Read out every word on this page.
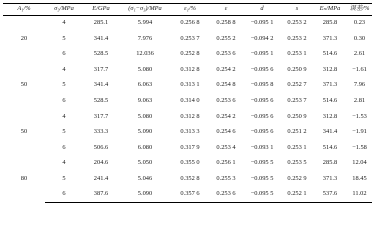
A₁/%	σ₃/MPa	E/GPa	(σ₁−σ₃)/MPa	ε₁/%	ε	d	s	Eₙ/MPa	误差/%
20	4	285.1	5.994	0.256 8	0.258 8	−0.095 1	0.253 2	285.8	0.23
	5	341.4	7.976	0.253 7	0.255 2	−0.094 2	0.253 2	371.3	0.30
	6	528.5	12.036	0.252 8	0.253 6	−0.095 1	0.253 1	514.6	2.61
50	4	317.7	5.080	0.312 8	0.254 2	−0.095 6	0.250 9	312.8	−1.61
	5	341.4	6.063	0.313 1	0.254 8	−0.095 8	0.252 7	371.3	7.96
	6	528.5	9.063	0.314 0	0.253 6	−0.095 6	0.253 7	514.6	2.81
50	4	317.7	5.080	0.312 8	0.254 2	−0.095 6	0.250 9	312.8	−1.53
	5	333.3	5.090	0.313 3	0.254 6	−0.095 6	0.251 2	341.4	−1.91
	6	506.6	6.080	0.317 9	0.253 4	−0.093 1	0.253 1	514.6	−1.58
80	4	204.6	5.050	0.355 0	0.256 1	−0.095 5	0.253 5	285.8	12.04
	5	241.4	5.046	0.352 8	0.255 3	−0.095 5	0.252 9	371.3	18.45
	6	387.6	5.090	0.357 6	0.253 6	−0.095 5	0.252 1	537.6	11.02
